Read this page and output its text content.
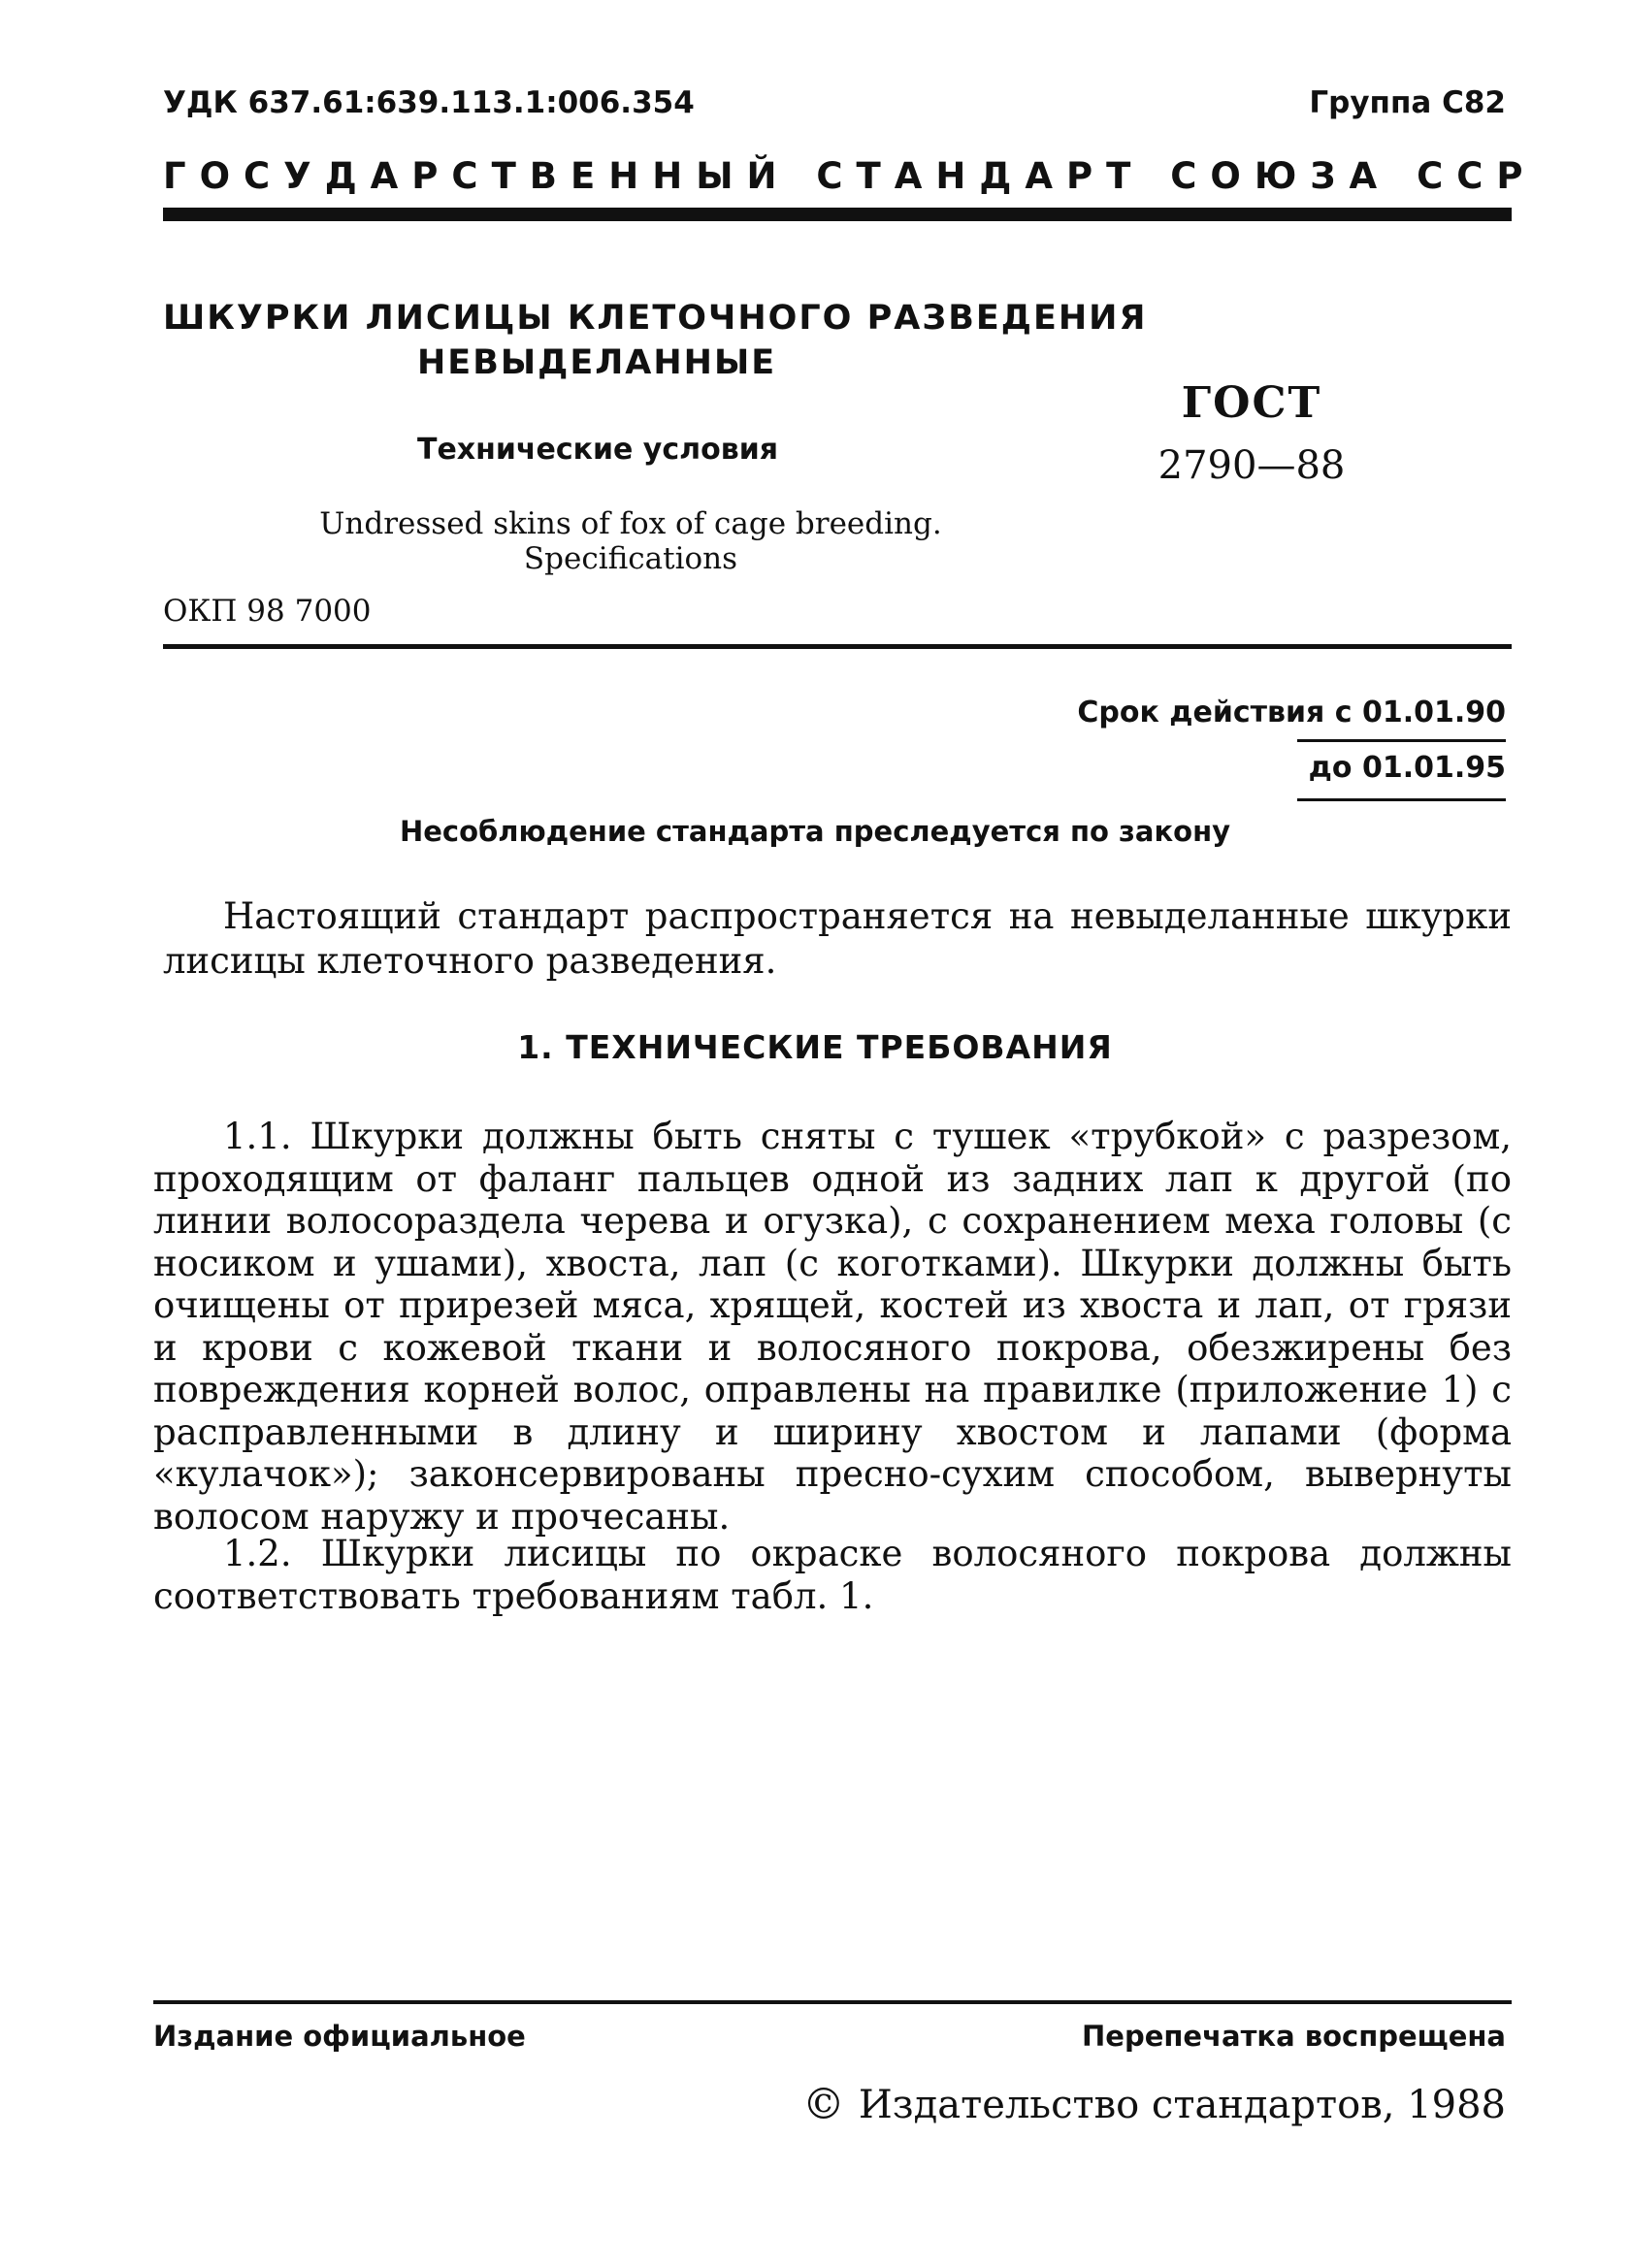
УДК 637.61:639.113.1:006.354	Группа С82
ГОСУДАРСТВЕННЫЙ СТАНДАРТ СОЮЗА ССР
ШКУРКИ ЛИСИЦЫ КЛЕТОЧНОГО РАЗВЕДЕНИЯ
НЕВЫДЕЛАННЫЕ
ГОСТ
2790—88
Технические условия
Undressed skins of fox of cage breeding.
Specifications
ОКП 98 7000
Срок действия с 01.01.90
до 01.01.95
Несоблюдение стандарта преследуется по закону

Настоящий стандарт распространяется на невыделанные шкурки лисицы клеточного разведения.

1. ТЕХНИЧЕСКИЕ ТРЕБОВАНИЯ

1.1. Шкурки должны быть сняты с тушек «трубкой» с разрезом, проходящим от фаланг пальцев одной из задних лап к другой (по линии волосораздела черева и огузка), с сохранением меха головы (с носиком и ушами), хвоста, лап (с коготками). Шкурки должны быть очищены от прирезей мяса, хрящей, костей из хвоста и лап, от грязи и крови с кожевой ткани и волосяного покрова, обезжирены без повреждения корней волос, оправлены на правилке (приложение 1) с расправленными в длину и ширину хвостом и лапами (форма «кулачок»); законсервированы пресно-сухим способом, вывернуты волосом наружу и прочесаны.

1.2. Шкурки лисицы по окраске волосяного покрова должны соответствовать требованиям табл. 1.

Издание официальное	Перепечатка воспрещена
© Издательство стандартов, 1988
